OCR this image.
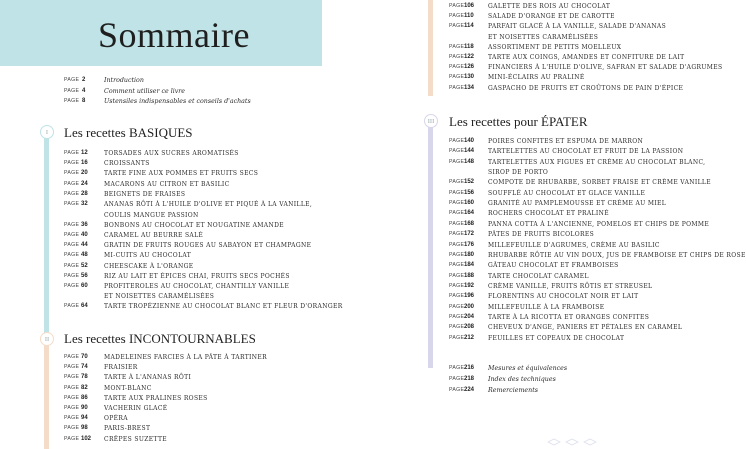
Sommaire
PAGE 2	Introduction
PAGE 4	Comment utiliser ce livre
PAGE 8	Ustensiles indispensables et conseils d'achats
I	Les recettes BASIQUES
PAGE 12	TORSADES AUX SUCRES AROMATISÉS
PAGE 16	CROISSANTS
PAGE 20	TARTE FINE AUX POMMES ET FRUITS SECS
PAGE 24	MACARONS AU CITRON ET BASILIC
PAGE 28	BEIGNETS DE FRAISES
PAGE 32	ANANAS RÔTI À L'HUILE D'OLIVE ET PIQUÉ À LA VANILLE,
COULIS MANGUE PASSION
PAGE 36	BONBONS AU CHOCOLAT ET NOUGATINE AMANDE
PAGE 40	CARAMEL AU BEURRE SALÉ
PAGE 44	GRATIN DE FRUITS ROUGES AU SABAYON ET CHAMPAGNE
PAGE 48	MI-CUITS AU CHOCOLAT
PAGE 52	CHEESCAKE À L'ORANGE
PAGE 56	RIZ AU LAIT ET ÉPICES CHAI, FRUITS SECS POCHÉS
PAGE 60	PROFITEROLES AU CHOCOLAT, CHANTILLY VANILLE
ET NOISETTES CARAMÉLISÉES
PAGE 64	TARTE TROPÉZIENNE AU CHOCOLAT BLANC ET FLEUR D'ORANGER
II	Les recettes INCONTOURNABLES
PAGE 70	MADELEINES FARCIES À LA PÂTE À TARTINER
PAGE 74	FRAISIER
PAGE 78	TARTE À L'ANANAS RÔTI
PAGE 82	MONT-BLANC
PAGE 86	TARTE AUX PRALINES ROSES
PAGE 90	VACHERIN GLACÉ
PAGE 94	OPÉRA
PAGE 98	PARIS-BREST
PAGE 102 CRÊPES SUZETTE
PAGE 106 GALETTE DES ROIS AU CHOCOLAT
PAGE 110 SALADE D'ORANGE ET DE CAROTTE
PAGE 114 PARFAIT GLACÉ À LA VANILLE, SALADE D'ANANAS
ET NOISETTES CARAMÉLISÉES
PAGE 118 ASSORTIMENT DE PETITS MOELLEUX
PAGE 122 TARTE AUX COINGS, AMANDES ET CONFITURE DE LAIT
PAGE 126 FINANCIERS À L'HUILE D'OLIVE, SAFRAN ET SALADE D'AGRUMES
PAGE 130 MINI-ÉCLAIRS AU PRALINÉ
PAGE 134 GASPACHO DE FRUITS ET CROÛTONS DE PAIN D'ÉPICE
III Les recettes pour ÉPATER
PAGE 140 POIRES CONFITES ET ESPUMA DE MARRON
PAGE 144 TARTELETTES AU CHOCOLAT ET FRUIT DE LA PASSION
PAGE 148 TARTELETTES AUX FIGUES ET CRÈME AU CHOCOLAT BLANC,
SIROP DE PORTO
PAGE 152 COMPOTE DE RHUBARBE, SORBET FRAISE ET CRÈME VANILLE
PAGE 156 SOUFFLÉ AU CHOCOLAT ET GLACE VANILLE
PAGE 160 GRANITÉ AU PAMPLEMOUSSE ET CRÈME AU MIEL
PAGE 164 ROCHERS CHOCOLAT ET PRALINÉ
PAGE 168 PANNA COTTA À L'ANCIENNE, POMELOS ET CHIPS DE POMME
PAGE 172 PÂTES DE FRUITS BICOLORES
PAGE 176 MILLEFEUILLE D'AGRUMES, CRÈME AU BASILIC
PAGE 180 RHUBARBE RÔTIE AU VIN DOUX, JUS DE FRAMBOISE ET CHIPS DE ROSE
PAGE 184 GÂTEAU CHOCOLAT ET FRAMBOISES
PAGE 188 TARTE CHOCOLAT CARAMEL
PAGE 192 CRÈME VANILLE, FRUITS RÔTIS ET STREUSEL
PAGE 196 FLORENTINS AU CHOCOLAT NOIR ET LAIT
PAGE 200 MILLEFEUILLE À LA FRAMBOISE
PAGE 204 TARTE À LA RICOTTA ET ORANGES CONFITES
PAGE 208 CHEVEUX D'ANGE, PANIERS ET PÉTALES EN CARAMEL
PAGE 212 FEUILLES ET COPEAUX DE CHOCOLAT
PAGE 216 Mesures et équivalences
PAGE 218 Index des techniques
PAGE 224 Remerciements
